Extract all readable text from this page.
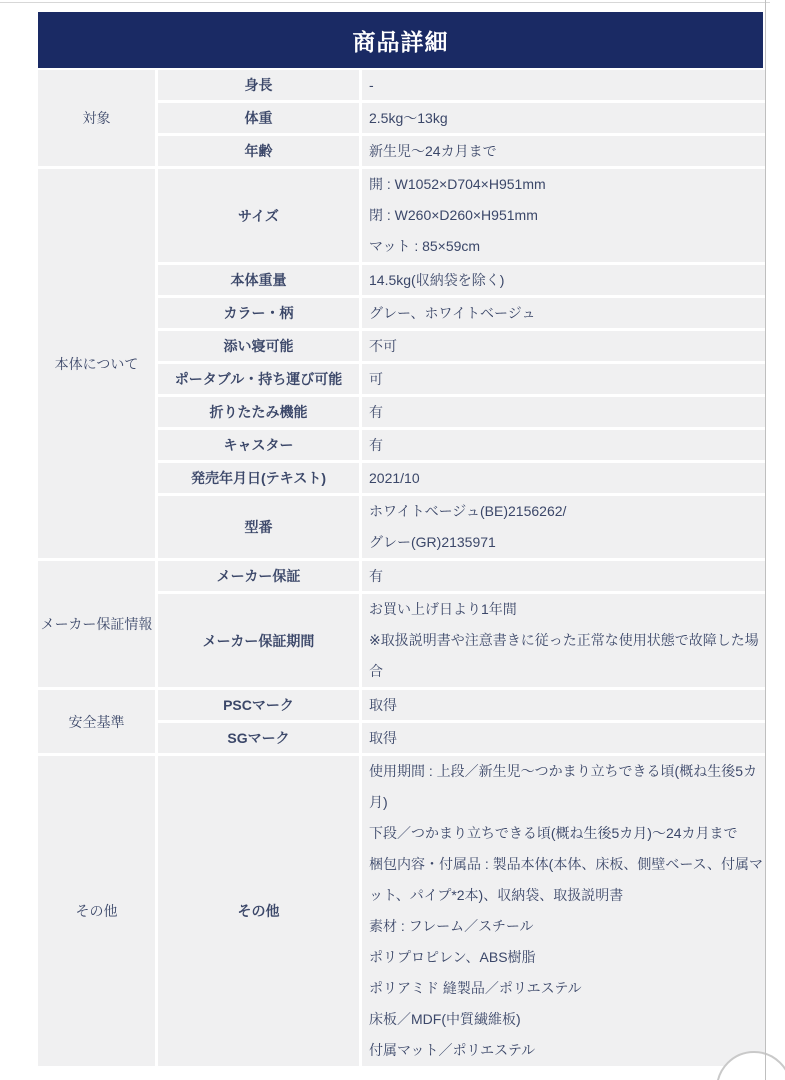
商品詳細
対象	身長	-
	体重	2.5kg〜13kg
	年齢	新生児〜24カ月まで
本体について	サイズ	開 : W1052×D704×H951mm
閉 : W260×D260×H951mm
マット : 85×59cm

	本体重量	14.5kg(収納袋を除く)
	カラー・柄	グレー、ホワイトベージュ
	添い寝可能	不可
	ポータブル・持ち運び可能	可
	折りたたみ機能	有
	キャスター	有
	発売年月日(テキスト)	2021/10
	型番	ホワイトベージュ(BE)2156262/
グレー(GR)2135971

メーカー保証情報	メーカー保証	有
	メーカー保証期間	お買い上げ日より1年間
※取扱説明書や注意書きに従った正常な使用状態で故障した場合

安全基準	PSCマーク	取得
	SGマーク	取得
その他	その他	
使用期間 : 上段／新生児〜つかまり立ちできる頃(概ね生後5カ月)
下段／つかまり立ちできる頃(概ね生後5カ月)〜24カ月まで
梱包内容・付属品 : 製品本体(本体、床板、側壁ベース、付属マット、パイプ*2本)、収納袋、取扱説明書
素材 : フレーム／スチール
ポリプロピレン、ABS樹脂
ポリアミド 縫製品／ポリエステル
床板／MDF(中質繊維板)
付属マット／ポリエステル
